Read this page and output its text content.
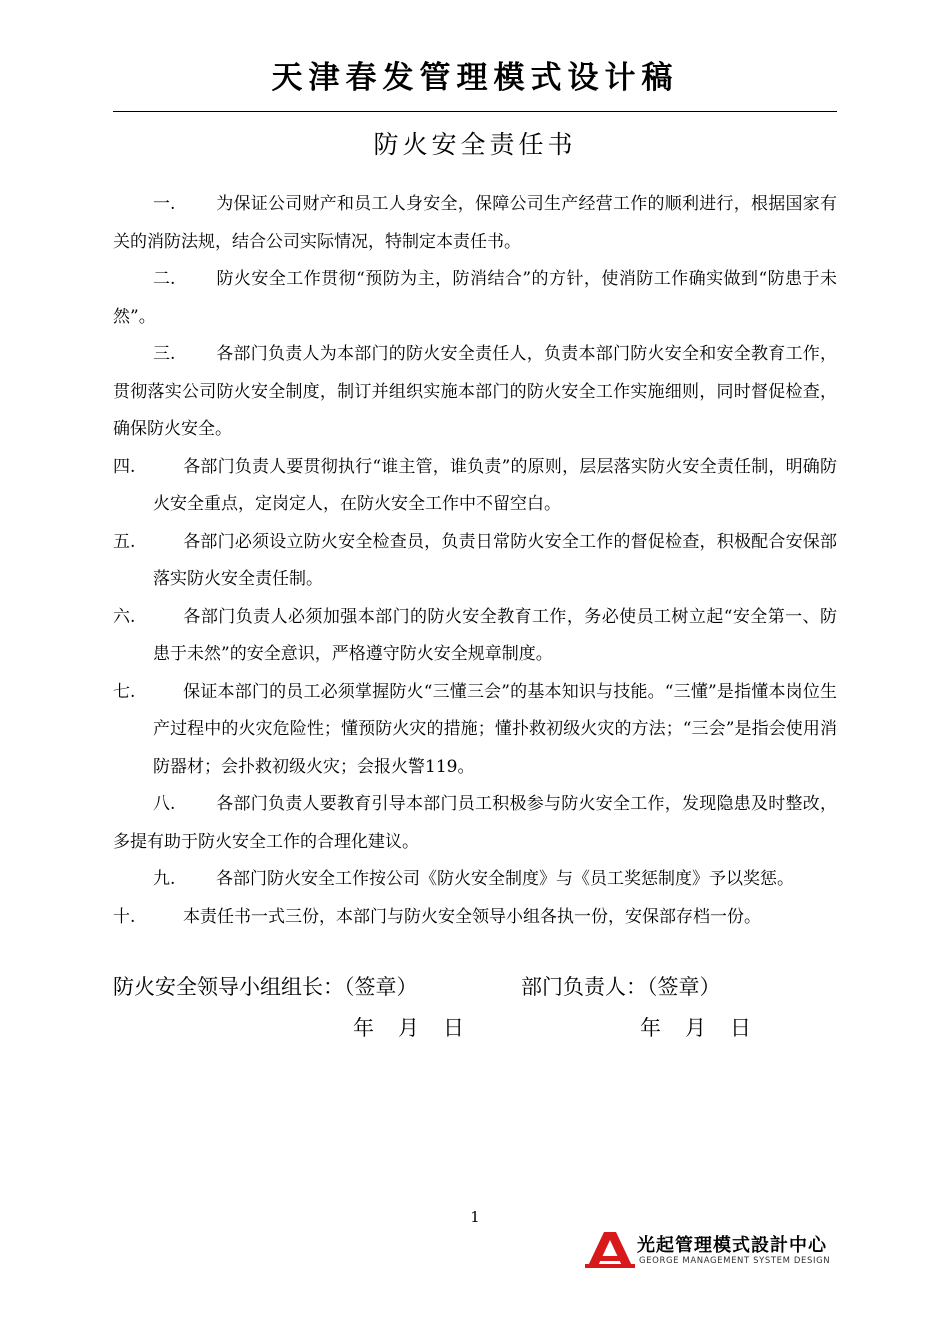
天津春发管理模式设计稿
防火安全责任书

一. 为保证公司财产和员工人身安全，保障公司生产经营工作的顺利进行，根据国家有关的消防法规，结合公司实际情况，特制定本责任书。

二. 防火安全工作贯彻“预防为主，防消结合”的方针，使消防工作确实做到“防患于未然”。

三. 各部门负责人为本部门的防火安全责任人，负责本部门防火安全和安全教育工作，贯彻落实公司防火安全制度，制订并组织实施本部门的防火安全工作实施细则，同时督促检查，确保防火安全。

四.	各部门负责人要贯彻执行“谁主管，谁负责”的原则，层层落实防火安全责任制，明确防火安全重点，定岗定人，在防火安全工作中不留空白。

五.	各部门必须设立防火安全检查员，负责日常防火安全工作的督促检查，积极配合安保部落实防火安全责任制。

六.	各部门负责人必须加强本部门的防火安全教育工作，务必使员工树立起“安全第一、防患于未然”的安全意识，严格遵守防火安全规章制度。

七.	保证本部门的员工必须掌握防火“三懂三会”的基本知识与技能。“三懂”是指懂本岗位生产过程中的火灾危险性；懂预防火灾的措施；懂扑救初级火灾的方法；“三会”是指会使用消防器材；会扑救初级火灾；会报火警119。

八. 各部门负责人要教育引导本部门员工积极参与防火安全工作，发现隐患及时整改，多提有助于防火安全工作的合理化建议。

九. 各部门防火安全工作按公司《防火安全制度》与《员工奖惩制度》予以奖惩。

十.	本责任书一式三份，本部门与防火安全领导小组各执一份，安保部存档一份。

防火安全领导小组组长：（签章）	部门负责人：（签章）
年 月 日	年 月 日
1
光起管理模式設計中心
GEORGE MANAGEMENT SYSTEM DESIGN
